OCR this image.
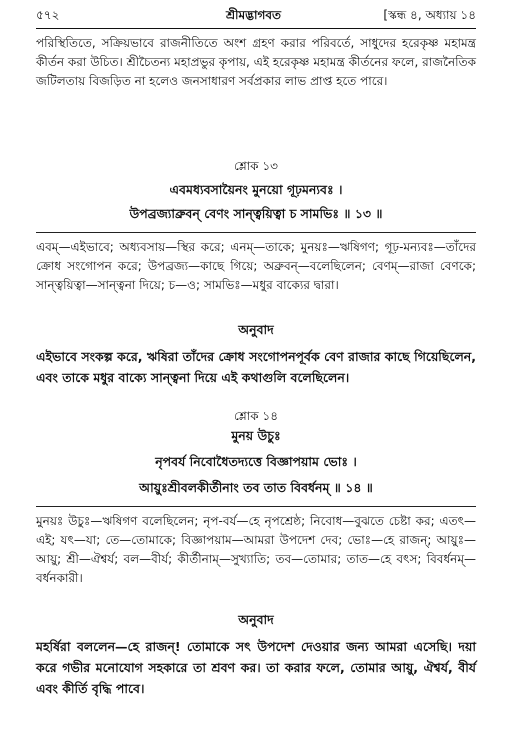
৫৭২	শ্রীমদ্ভাগবত	[স্কন্ধ ৪, অধ্যায় ১৪

পরিস্থিতিতে, সক্রিয়ভাবে রাজনীতিতে অংশ গ্রহণ করার পরিবর্তে, সাধুদের হরেকৃষ্ণ মহামন্ত্র কীর্তন করা উচিত। শ্রীচৈতন্য মহাপ্রভুর কৃপায়, এই হরেকৃষ্ণ মহামন্ত্র কীর্তনের ফলে, রাজনৈতিক জটিলতায় বিজড়িত না হলেও জনসাধারণ সর্বপ্রকার লাভ প্রাপ্ত হতে পারে।

শ্লোক ১৩
এবমধ্যবসায়ৈনং মুনয়ো গূঢ়মন্যবঃ ।
উপব্রজ্যাব্রুবন্ বেণং সান্ত্বয়িত্বা চ সামভিঃ ॥ ১৩ ॥

এবম্—এইভাবে; অধ্যবসায়—স্থির করে; এনম্—তাকে; মুনয়ঃ—ঋষিগণ; গূঢ়-মন্যবঃ—তাঁদের ক্রোধ সংগোপন করে; উপব্রজ্য—কাছে গিয়ে; অব্রুবন্—বলেছিলেন; বেণম্—রাজা বেণকে; সান্ত্বয়িত্বা—সান্ত্বনা দিয়ে; চ—ও; সামভিঃ—মধুর বাক্যের দ্বারা।

অনুবাদ

এইভাবে সংকল্প করে, ঋষিরা তাঁদের ক্রোধ সংগোপনপূর্বক বেণ রাজার কাছে গিয়েছিলেন, এবং তাকে মধুর বাক্যে সান্ত্বনা দিয়ে এই কথাগুলি বলেছিলেন।

শ্লোক ১৪
মুনয় উচুঃ
নৃপবর্য নিবোধৈতদ্যত্তে বিজ্ঞাপয়াম ভোঃ ।
আয়ুঃশ্রীবলকীর্তীনাং তব তাত বিবর্ধনম্ ॥ ১৪ ॥

মুনয়ঃ উচুঃ—ঋষিগণ বলেছিলেন; নৃপ-বর্য—হে নৃপশ্রেষ্ঠ; নিবোধ—বুঝতে চেষ্টা কর; এতৎ—এই; যৎ—যা; তে—তোমাকে; বিজ্ঞাপয়াম—আমরা উপদেশ দেব; ভোঃ—হে রাজন্; আয়ুঃ—আয়ু; শ্রী—ঐশ্বর্য; বল—বীর্য; কীর্তীনাম্—সুখ্যাতি; তব—তোমার; তাত—হে বৎস; বিবর্ধনম্—বর্ধনকারী।

অনুবাদ

মহর্ষিরা বললেন—হে রাজন্! তোমাকে সৎ উপদেশ দেওয়ার জন্য আমরা এসেছি। দয়া করে গভীর মনোযোগ সহকারে তা শ্রবণ কর। তা করার ফলে, তোমার আয়ু, ঐশ্বর্য, বীর্য এবং কীর্তি বৃদ্ধি পাবে।
